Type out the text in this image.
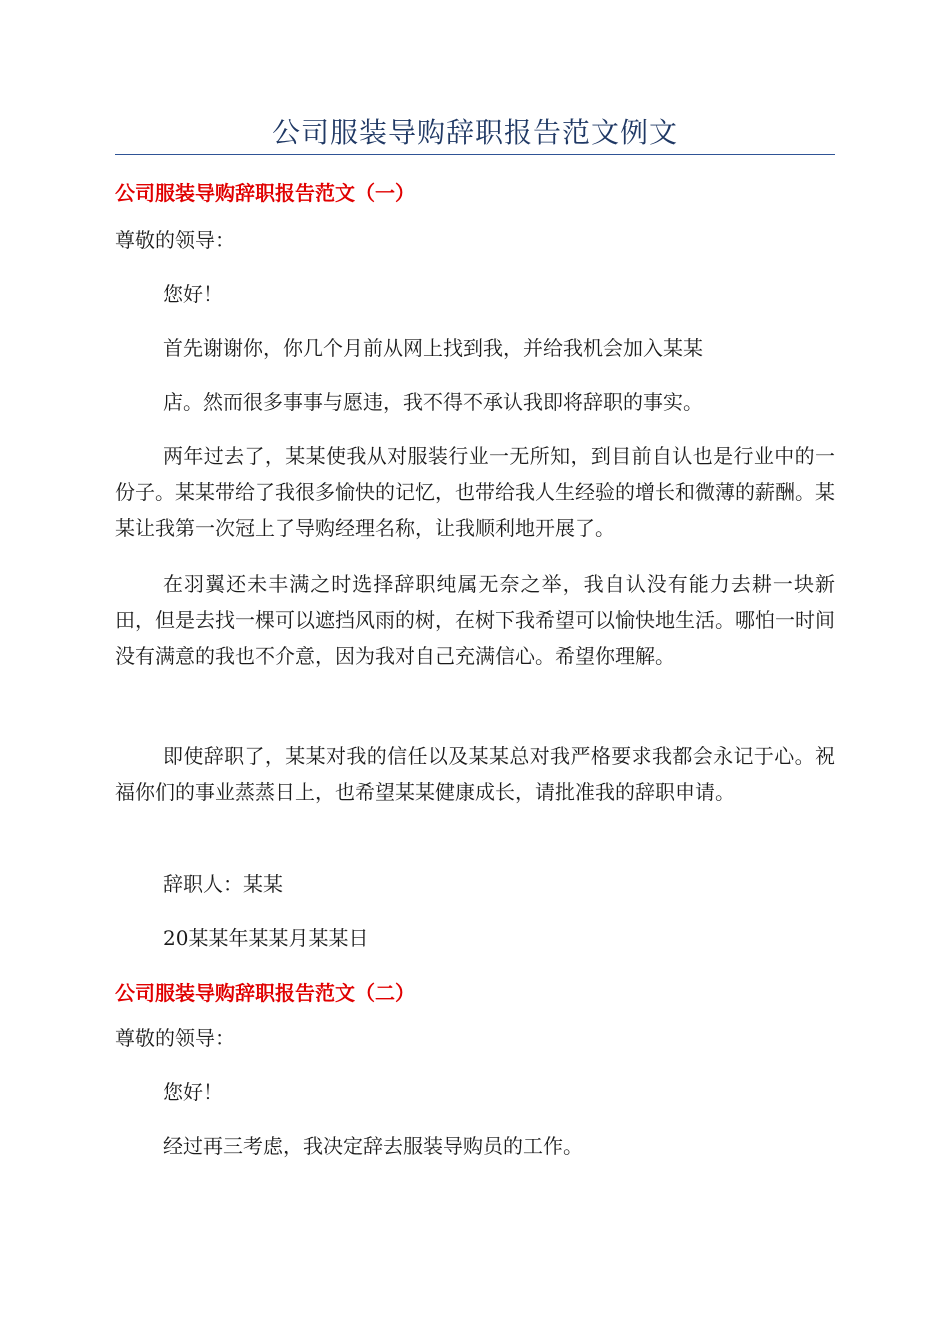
公司服装导购辞职报告范文例文
公司服装导购辞职报告范文（一）

尊敬的领导：

您好！

首先谢谢你，你几个月前从网上找到我，并给我机会加入某某

店。然而很多事事与愿违，我不得不承认我即将辞职的事实。

两年过去了，某某使我从对服装行业一无所知，到目前自认也是行业中的一份子。某某带给了我很多愉快的记忆，也带给我人生经验的增长和微薄的薪酬。某某让我第一次冠上了导购经理名称，让我顺利地开展了。

在羽翼还未丰满之时选择辞职纯属无奈之举，我自认没有能力去耕一块新田，但是去找一棵可以遮挡风雨的树，在树下我希望可以愉快地生活。哪怕一时间没有满意的我也不介意，因为我对自己充满信心。希望你理解。

即使辞职了，某某对我的信任以及某某总对我严格要求我都会永记于心。祝福你们的事业蒸蒸日上，也希望某某健康成长，请批准我的辞职申请。

辞职人：某某

20某某年某某月某某日

公司服装导购辞职报告范文（二）

尊敬的领导：

您好！

经过再三考虑，我决定辞去服装导购员的工作。
